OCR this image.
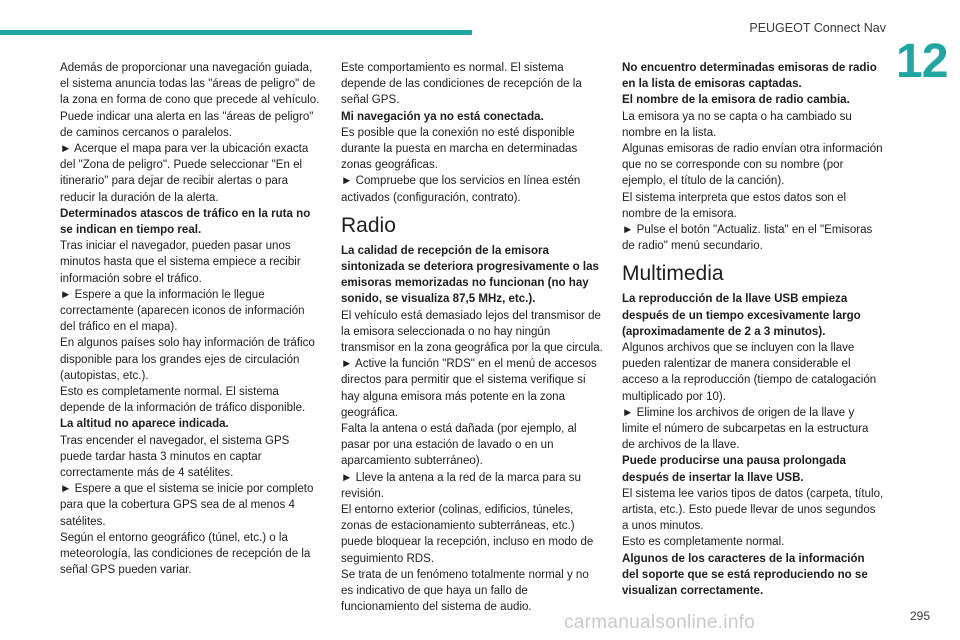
PEUGEOT Connect Nav
12

Además de proporcionar una navegación guiada, el sistema anuncia todas las "áreas de peligro" de la zona en forma de cono que precede al vehículo. Puede indicar una alerta en las "áreas de peligro" de caminos cercanos o paralelos.

► Acerque el mapa para ver la ubicación exacta del "Zona de peligro". Puede seleccionar "En el itinerario" para dejar de recibir alertas o para reducir la duración de la alerta.

Determinados atascos de tráfico en la ruta no se indican en tiempo real.

Tras iniciar el navegador, pueden pasar unos minutos hasta que el sistema empiece a recibir información sobre el tráfico.

► Espere a que la información le llegue correctamente (aparecen iconos de información del tráfico en el mapa).

En algunos países solo hay información de tráfico disponible para los grandes ejes de circulación (autopistas, etc.).

Esto es completamente normal. El sistema depende de la información de tráfico disponible.

La altitud no aparece indicada.

Tras encender el navegador, el sistema GPS puede tardar hasta 3 minutos en captar correctamente más de 4 satélites.

► Espere a que el sistema se inicie por completo para que la cobertura GPS sea de al menos 4 satélites.

Según el entorno geográfico (túnel, etc.) o la meteorología, las condiciones de recepción de la señal GPS pueden variar.

Este comportamiento es normal. El sistema depende de las condiciones de recepción de la señal GPS.

Mi navegación ya no está conectada.

Es posible que la conexión no esté disponible durante la puesta en marcha en determinadas zonas geográficas.

► Compruebe que los servicios en línea estén activados (configuración, contrato).

Radio

La calidad de recepción de la emisora sintonizada se deteriora progresivamente o las emisoras memorizadas no funcionan (no hay sonido, se visualiza 87,5 MHz, etc.).

El vehículo está demasiado lejos del transmisor de la emisora seleccionada o no hay ningún transmisor en la zona geográfica por la que circula.

► Active la función "RDS" en el menú de accesos directos para permitir que el sistema verifique si hay alguna emisora más potente en la zona geográfica.

Falta la antena o está dañada (por ejemplo, al pasar por una estación de lavado o en un aparcamiento subterráneo).

► Lleve la antena a la red de la marca para su revisión.

El entorno exterior (colinas, edificios, túneles, zonas de estacionamiento subterráneas, etc.) puede bloquear la recepción, incluso en modo de seguimiento RDS.

Se trata de un fenómeno totalmente normal y no es indicativo de que haya un fallo de funcionamiento del sistema de audio.

No encuentro determinadas emisoras de radio en la lista de emisoras captadas.

El nombre de la emisora de radio cambia.

La emisora ya no se capta o ha cambiado su nombre en la lista.

Algunas emisoras de radio envían otra información que no se corresponde con su nombre (por ejemplo, el título de la canción).

El sistema interpreta que estos datos son el nombre de la emisora.

► Pulse el botón "Actualiz. lista" en el "Emisoras de radio" menú secundario.

Multimedia

La reproducción de la llave USB empieza después de un tiempo excesivamente largo (aproximadamente de 2 a 3 minutos).

Algunos archivos que se incluyen con la llave pueden ralentizar de manera considerable el acceso a la reproducción (tiempo de catalogación multiplicado por 10).

► Elimine los archivos de origen de la llave y limite el número de subcarpetas en la estructura de archivos de la llave.

Puede producirse una pausa prolongada después de insertar la llave USB.

El sistema lee varios tipos de datos (carpeta, título, artista, etc.). Esto puede llevar de unos segundos a unos minutos.

Esto es completamente normal.

Algunos de los caracteres de la información del soporte que se está reproduciendo no se visualizan correctamente.

carmanualsonline.info	295
